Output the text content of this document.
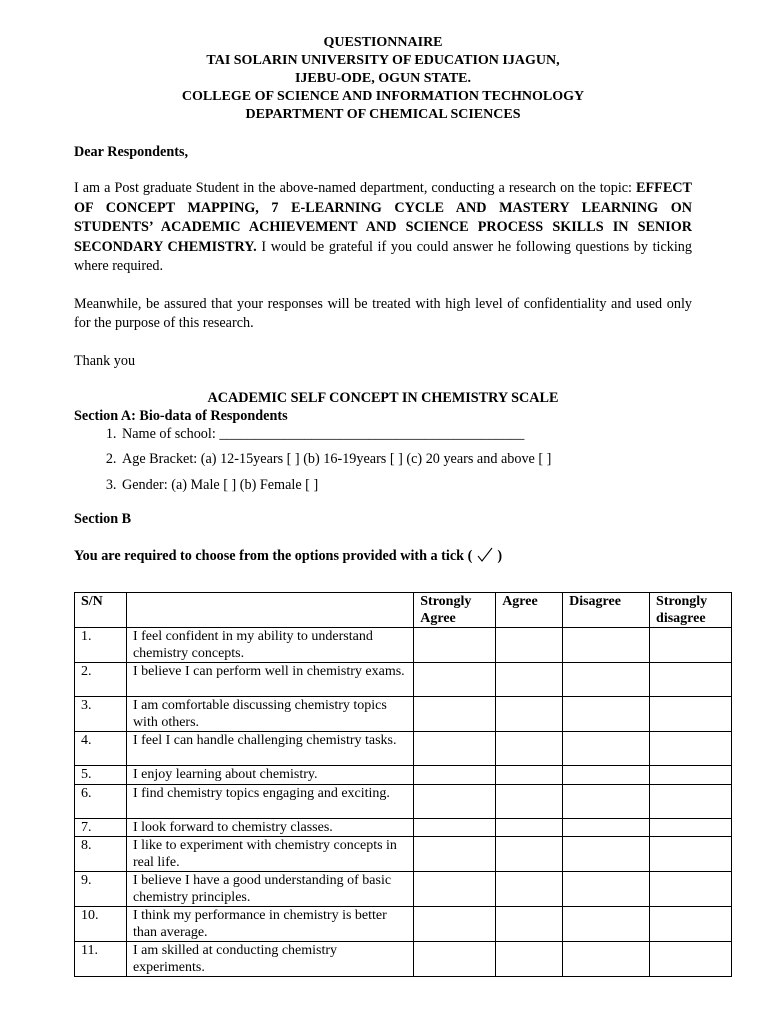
QUESTIONNAIRE
TAI SOLARIN UNIVERSITY OF EDUCATION IJAGUN,
IJEBU-ODE, OGUN STATE.
COLLEGE OF SCIENCE AND INFORMATION TECHNOLOGY
DEPARTMENT OF CHEMICAL SCIENCES
Dear Respondents,
I am a Post graduate Student in the above-named department, conducting a research on the topic: EFFECT OF CONCEPT MAPPING, 7 E-LEARNING CYCLE AND MASTERY LEARNING ON STUDENTS’ ACADEMIC ACHIEVEMENT AND SCIENCE PROCESS SKILLS IN SENIOR SECONDARY CHEMISTRY. I would be grateful if you could answer he following questions by ticking where required.
Meanwhile, be assured that your responses will be treated with high level of confidentiality and used only for the purpose of this research.
Thank you
ACADEMIC SELF CONCEPT IN CHEMISTRY SCALE
Section A: Bio-data of Respondents
1. Name of school: ___________________________________________
2. Age Bracket: (a) 12-15years [ ] (b) 16-19years [ ] (c) 20 years and above [ ]
3. Gender: (a) Male [ ] (b) Female [ ]
Section B
You are required to choose from the options provided with a tick ( )
S/N		Strongly Agree	Agree	Disagree	Strongly disagree
1.	I feel confident in my ability to understand chemistry concepts.				
2.	I believe I can perform well in chemistry exams.				
3.	I am comfortable discussing chemistry topics with others.				
4.	I feel I can handle challenging chemistry tasks.				
5.	I enjoy learning about chemistry.				
6.	I find chemistry topics engaging and exciting.				
7.	I look forward to chemistry classes.				
8.	I like to experiment with chemistry concepts in real life.				
9.	I believe I have a good understanding of basic chemistry principles.				
10.	I think my performance in chemistry is better than average.				
11.	I am skilled at conducting chemistry experiments.				
